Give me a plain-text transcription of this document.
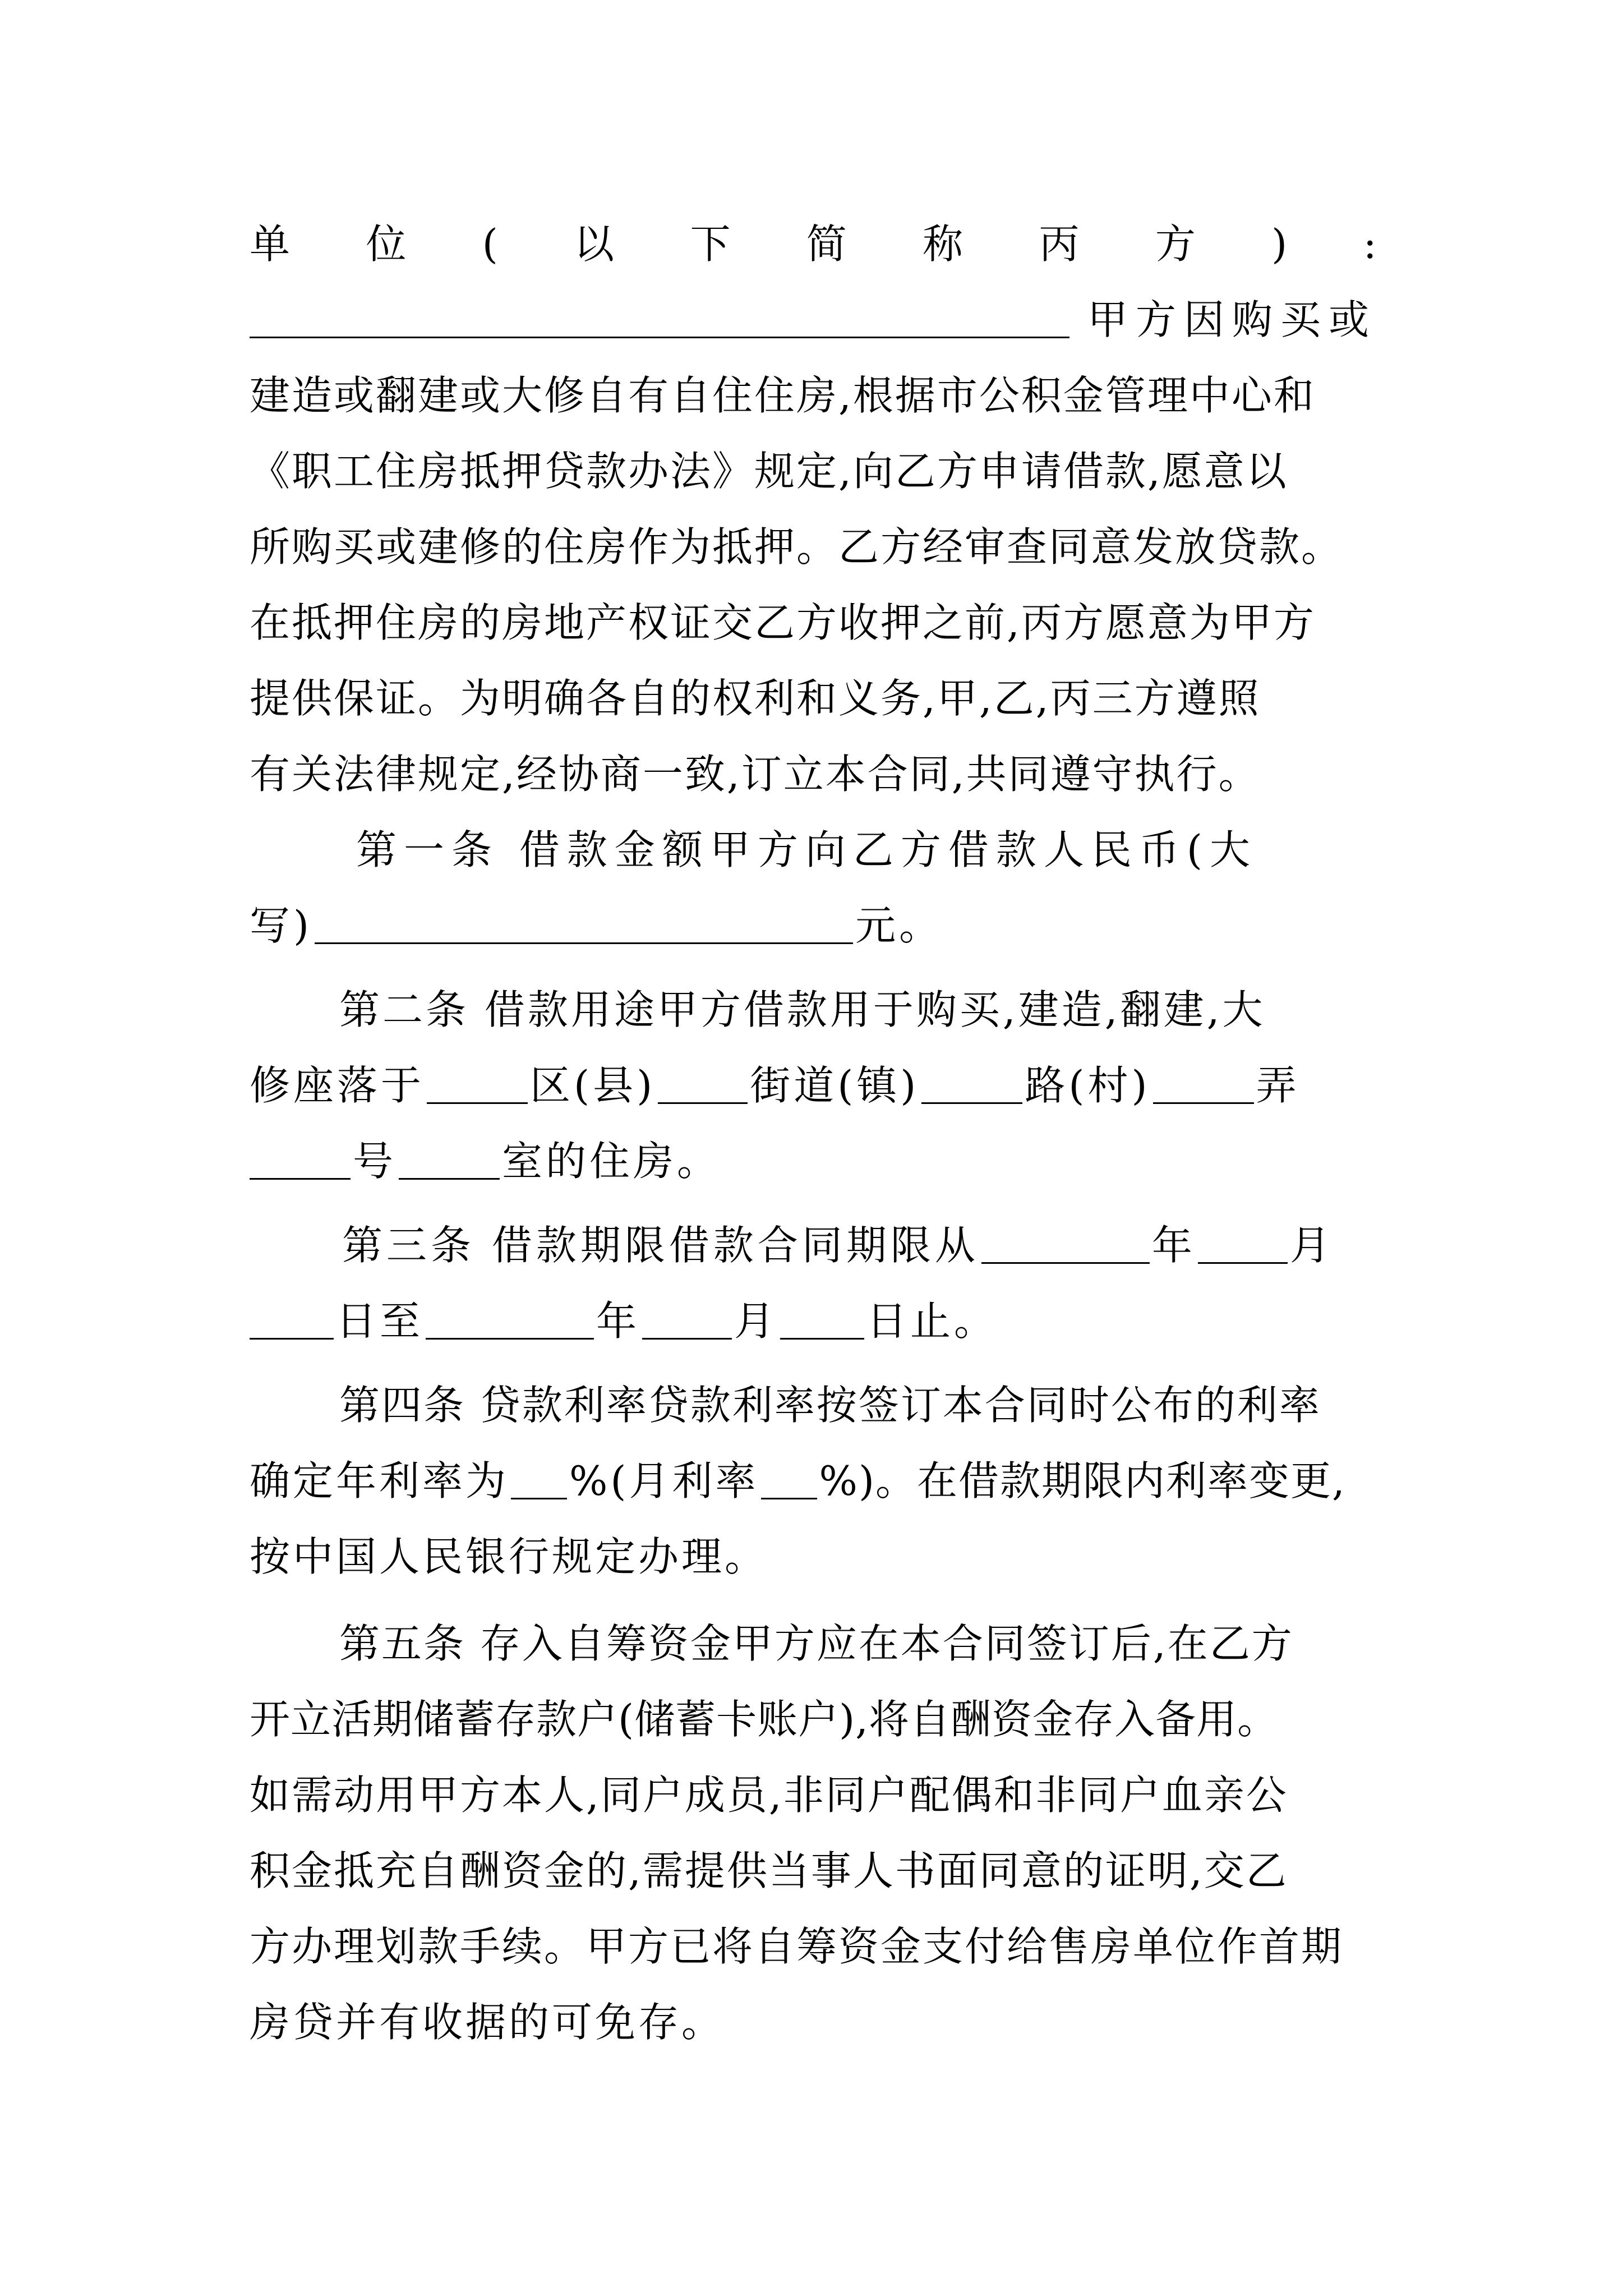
单 位 ( 以 下 简 称 丙 方 ) :
甲方因购买或
建造或翻建或大修自有自住住房,根据市公积金管理中心和
《职工住房抵押贷款办法》规定,向乙方申请借款,愿意以
所购买或建修的住房作为抵押。乙方经审查同意发放贷款。
在抵押住房的房地产权证交乙方收押之前,丙方愿意为甲方
提供保证。为明确各自的权利和义务,甲,乙,丙三方遵照
有关法律规定,经协商一致,订立本合同,共同遵守执行。
第一条 借款金额甲方向乙方借款人民币(大
写)	元。
第二条 借款用途甲方借款用于购买,建造,翻建,大
修座落于	区(县) 街道(镇)	路(村)	弄
号	室的住房。
第三条 借款期限借款合同期限从	年 月
日至	年 月 日止。
第四条 贷款利率贷款利率按签订本合同时公布的利率
确定年利率为 %(月利率 %)。在借款期限内利率变更,
按中国人民银行规定办理。
第五条 存入自筹资金甲方应在本合同签订后,在乙方
开立活期储蓄存款户(储蓄卡账户),将自酬资金存入备用。
如需动用甲方本人,同户成员,非同户配偶和非同户血亲公
积金抵充自酬资金的,需提供当事人书面同意的证明,交乙
方办理划款手续。甲方已将自筹资金支付给售房单位作首期
房贷并有收据的可免存。
